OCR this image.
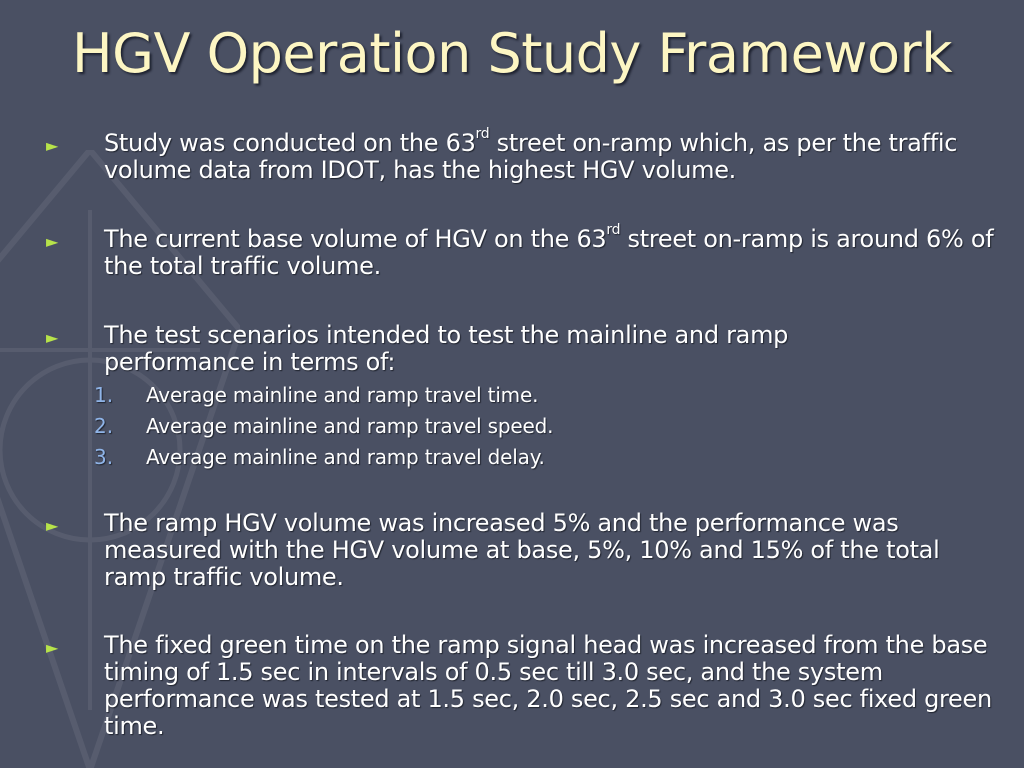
HGV Operation Study Framework
►	Study was conducted on the 63rd street on-ramp which, as per the traffic volume data from IDOT, has the highest HGV volume.
►	The current base volume of HGV on the 63rd street on-ramp is around 6% of the total traffic volume.
►	The test scenarios intended to test the mainline and ramp performance in terms of:
1.	Average mainline and ramp travel time.
2.	Average mainline and ramp travel speed.
3.	Average mainline and ramp travel delay.
►	The ramp HGV volume was increased 5% and the performance was measured with the HGV volume at base, 5%, 10% and 15% of the total ramp traffic volume.
►	The fixed green time on the ramp signal head was increased from the base timing of 1.5 sec in intervals of 0.5 sec till 3.0 sec, and the system performance was tested at 1.5 sec, 2.0 sec, 2.5 sec and 3.0 sec fixed green time.
